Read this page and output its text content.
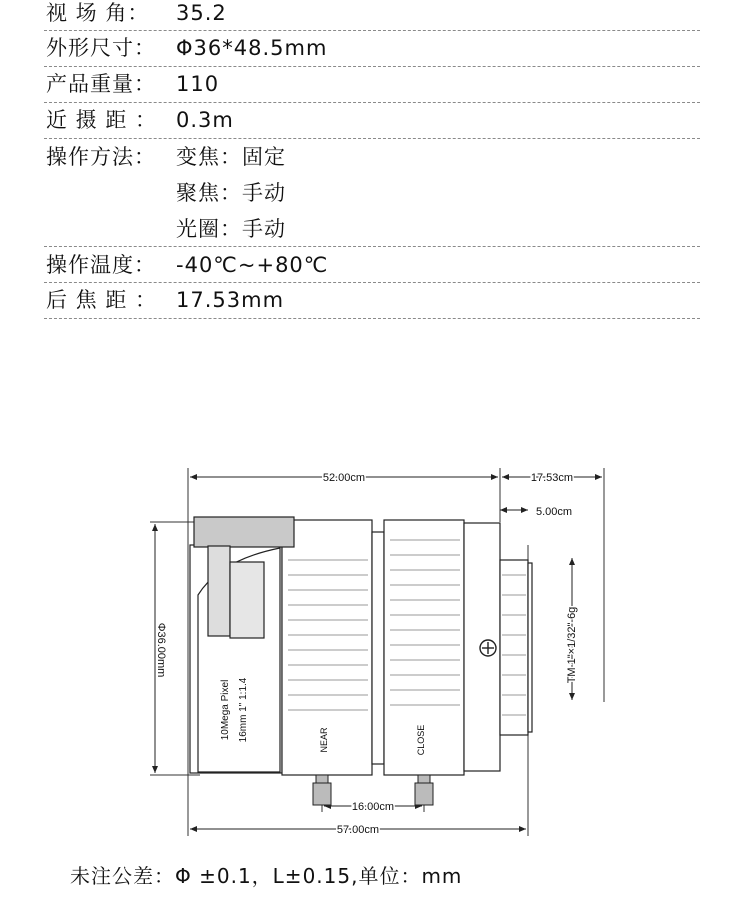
视 场 角： 35.2
外形尺寸： Φ36*48.5mm
产品重量： 110
近 摄 距 ： 0.3m
操作方法： 变焦：固定
聚焦：手动
光圈：手动
操作温度： -40℃~+80℃
后 焦 距 ： 17.53mm
52.00cm	17.53cm
5.00cm
Φ36.00mm	TM 1"×1/32"-6g
16.00cm
57.00cm
10Mega Pixel 16mm 1" 1:1.4	NEAR	CLOSE
未注公差：Φ ±0.1，L±0.15,单位：mm
